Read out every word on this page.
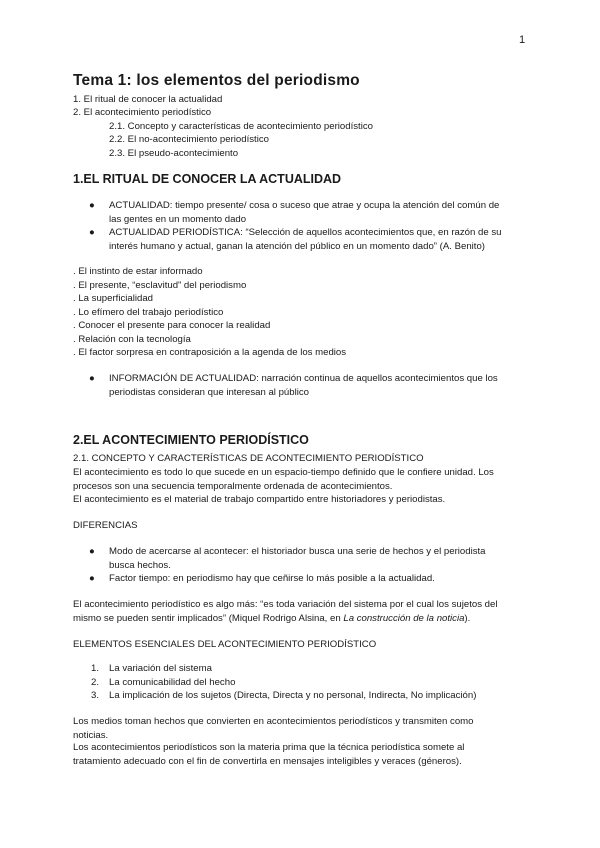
1
Tema 1: los elementos del periodismo
1. El ritual de conocer la actualidad
2. El acontecimiento periodístico
2.1. Concepto y características de acontecimiento periodístico
2.2. El no-acontecimiento periodístico
2.3. El pseudo-acontecimiento
1.EL RITUAL DE CONOCER LA ACTUALIDAD
● ACTUALIDAD: tiempo presente/ cosa o suceso que atrae y ocupa la atención del común de
las gentes en un momento dado
● ACTUALIDAD PERIODÍSTICA: “Selección de aquellos acontecimientos que, en razón de su
interés humano y actual, ganan la atención del público en un momento dado” (A. Benito)
. El instinto de estar informado
. El presente, “esclavitud” del periodismo
. La superficialidad
. Lo efímero del trabajo periodístico
. Conocer el presente para conocer la realidad
. Relación con la tecnología
. El factor sorpresa en contraposición a la agenda de los medios
● INFORMACIÓN DE ACTUALIDAD: narración continua de aquellos acontecimientos que los
periodistas consideran que interesan al público
2.EL ACONTECIMIENTO PERIODÍSTICO
2.1. CONCEPTO Y CARACTERÍSTICAS DE ACONTECIMIENTO PERIODÍSTICO
El acontecimiento es todo lo que sucede en un espacio-tiempo definido que le confiere unidad. Los
procesos son una secuencia temporalmente ordenada de acontecimientos.
El acontecimiento es el material de trabajo compartido entre historiadores y periodistas.
DIFERENCIAS
● Modo de acercarse al acontecer: el historiador busca una serie de hechos y el periodista
busca hechos.
● Factor tiempo: en periodismo hay que ceñirse lo más posible a la actualidad.
El acontecimiento periodístico es algo más: “es toda variación del sistema por el cual los sujetos del
mismo se pueden sentir implicados” (Miquel Rodrigo Alsina, en La construcción de la noticia).
ELEMENTOS ESENCIALES DEL ACONTECIMIENTO PERIODÍSTICO
1. La variación del sistema
2. La comunicabilidad del hecho
3. La implicación de los sujetos (Directa, Directa y no personal, Indirecta, No implicación)
Los medios toman hechos que convierten en acontecimientos periodísticos y transmiten como
noticias.
Los acontecimientos periodísticos son la materia prima que la técnica periodística somete al
tratamiento adecuado con el fin de convertirla en mensajes inteligibles y veraces (géneros).
